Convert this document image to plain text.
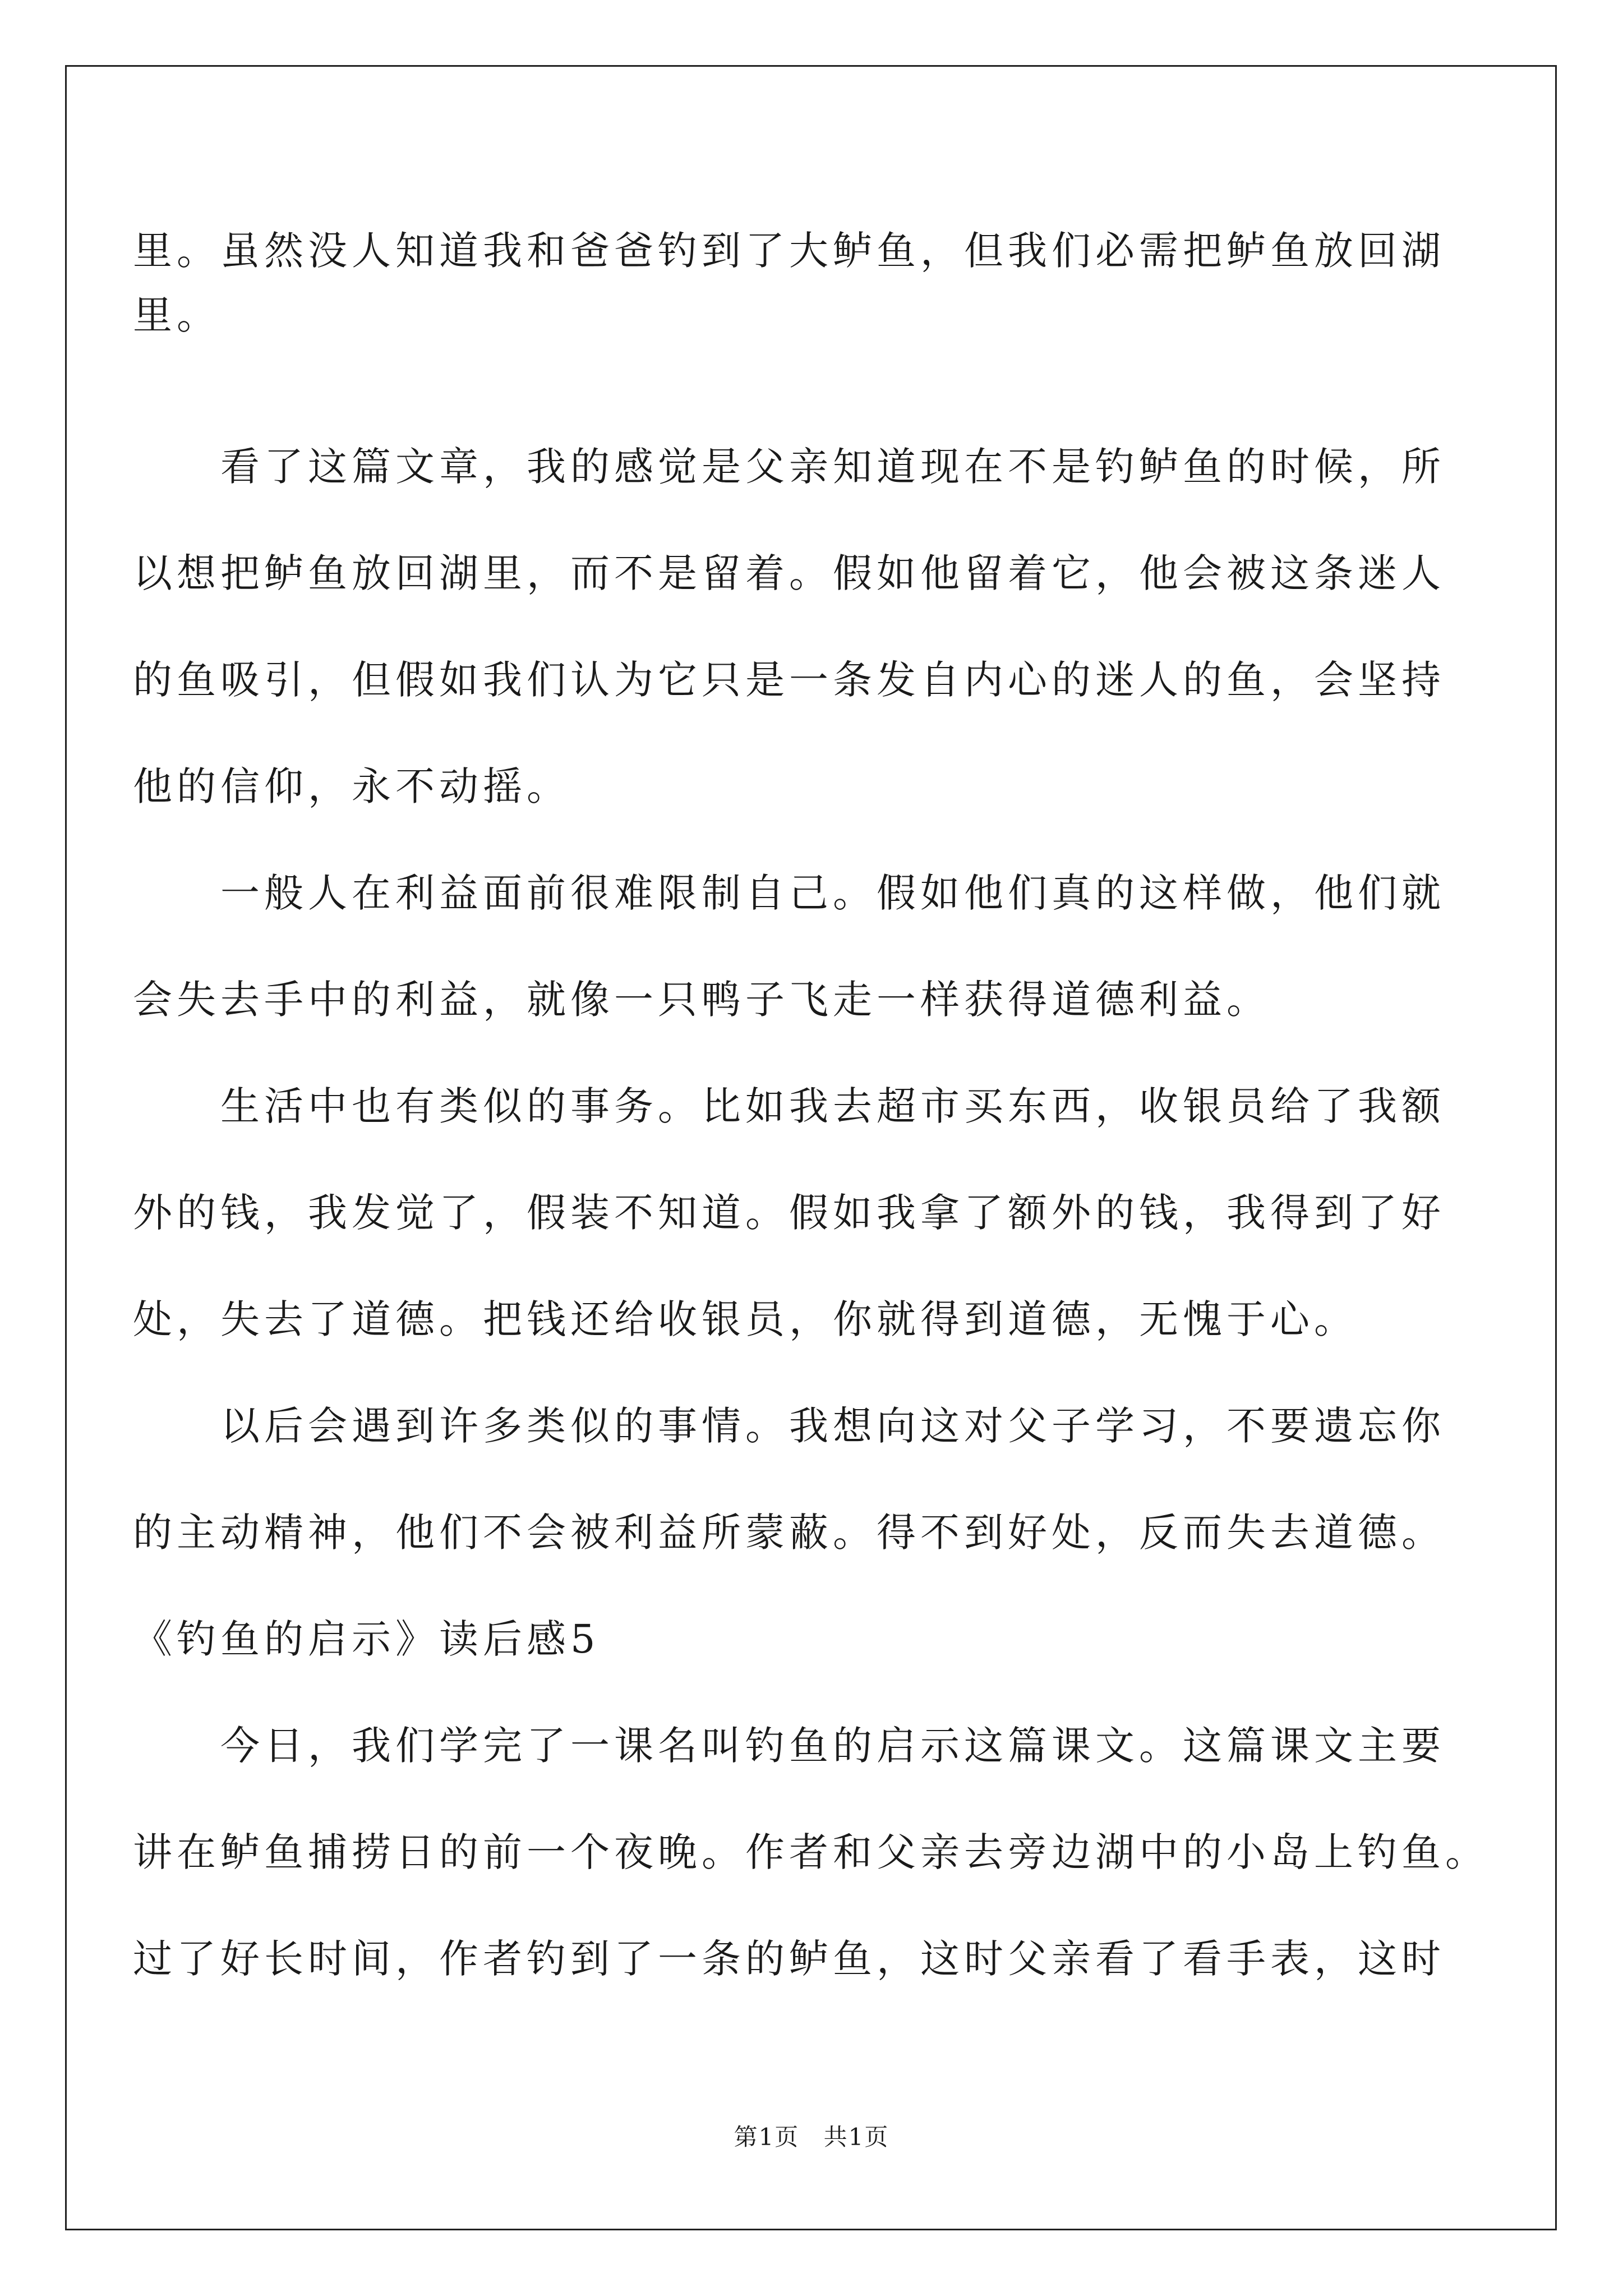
里。虽然没人知道我和爸爸钓到了大鲈鱼，但我们必需把鲈鱼放回湖
里。
　　看了这篇文章，我的感觉是父亲知道现在不是钓鲈鱼的时候，所
以想把鲈鱼放回湖里，而不是留着。假如他留着它，他会被这条迷人
的鱼吸引，但假如我们认为它只是一条发自内心的迷人的鱼，会坚持
他的信仰，永不动摇。
　　一般人在利益面前很难限制自己。假如他们真的这样做，他们就
会失去手中的利益，就像一只鸭子飞走一样获得道德利益。
　　生活中也有类似的事务。比如我去超市买东西，收银员给了我额
外的钱，我发觉了，假装不知道。假如我拿了额外的钱，我得到了好
处，失去了道德。把钱还给收银员，你就得到道德，无愧于心。
　　以后会遇到许多类似的事情。我想向这对父子学习，不要遗忘你
的主动精神，他们不会被利益所蒙蔽。得不到好处，反而失去道德。
《钓鱼的启示》读后感5
　　今日，我们学完了一课名叫钓鱼的启示这篇课文。这篇课文主要
讲在鲈鱼捕捞日的前一个夜晚。作者和父亲去旁边湖中的小岛上钓鱼。
过了好长时间，作者钓到了一条的鲈鱼，这时父亲看了看手表，这时
第1页 共1页
